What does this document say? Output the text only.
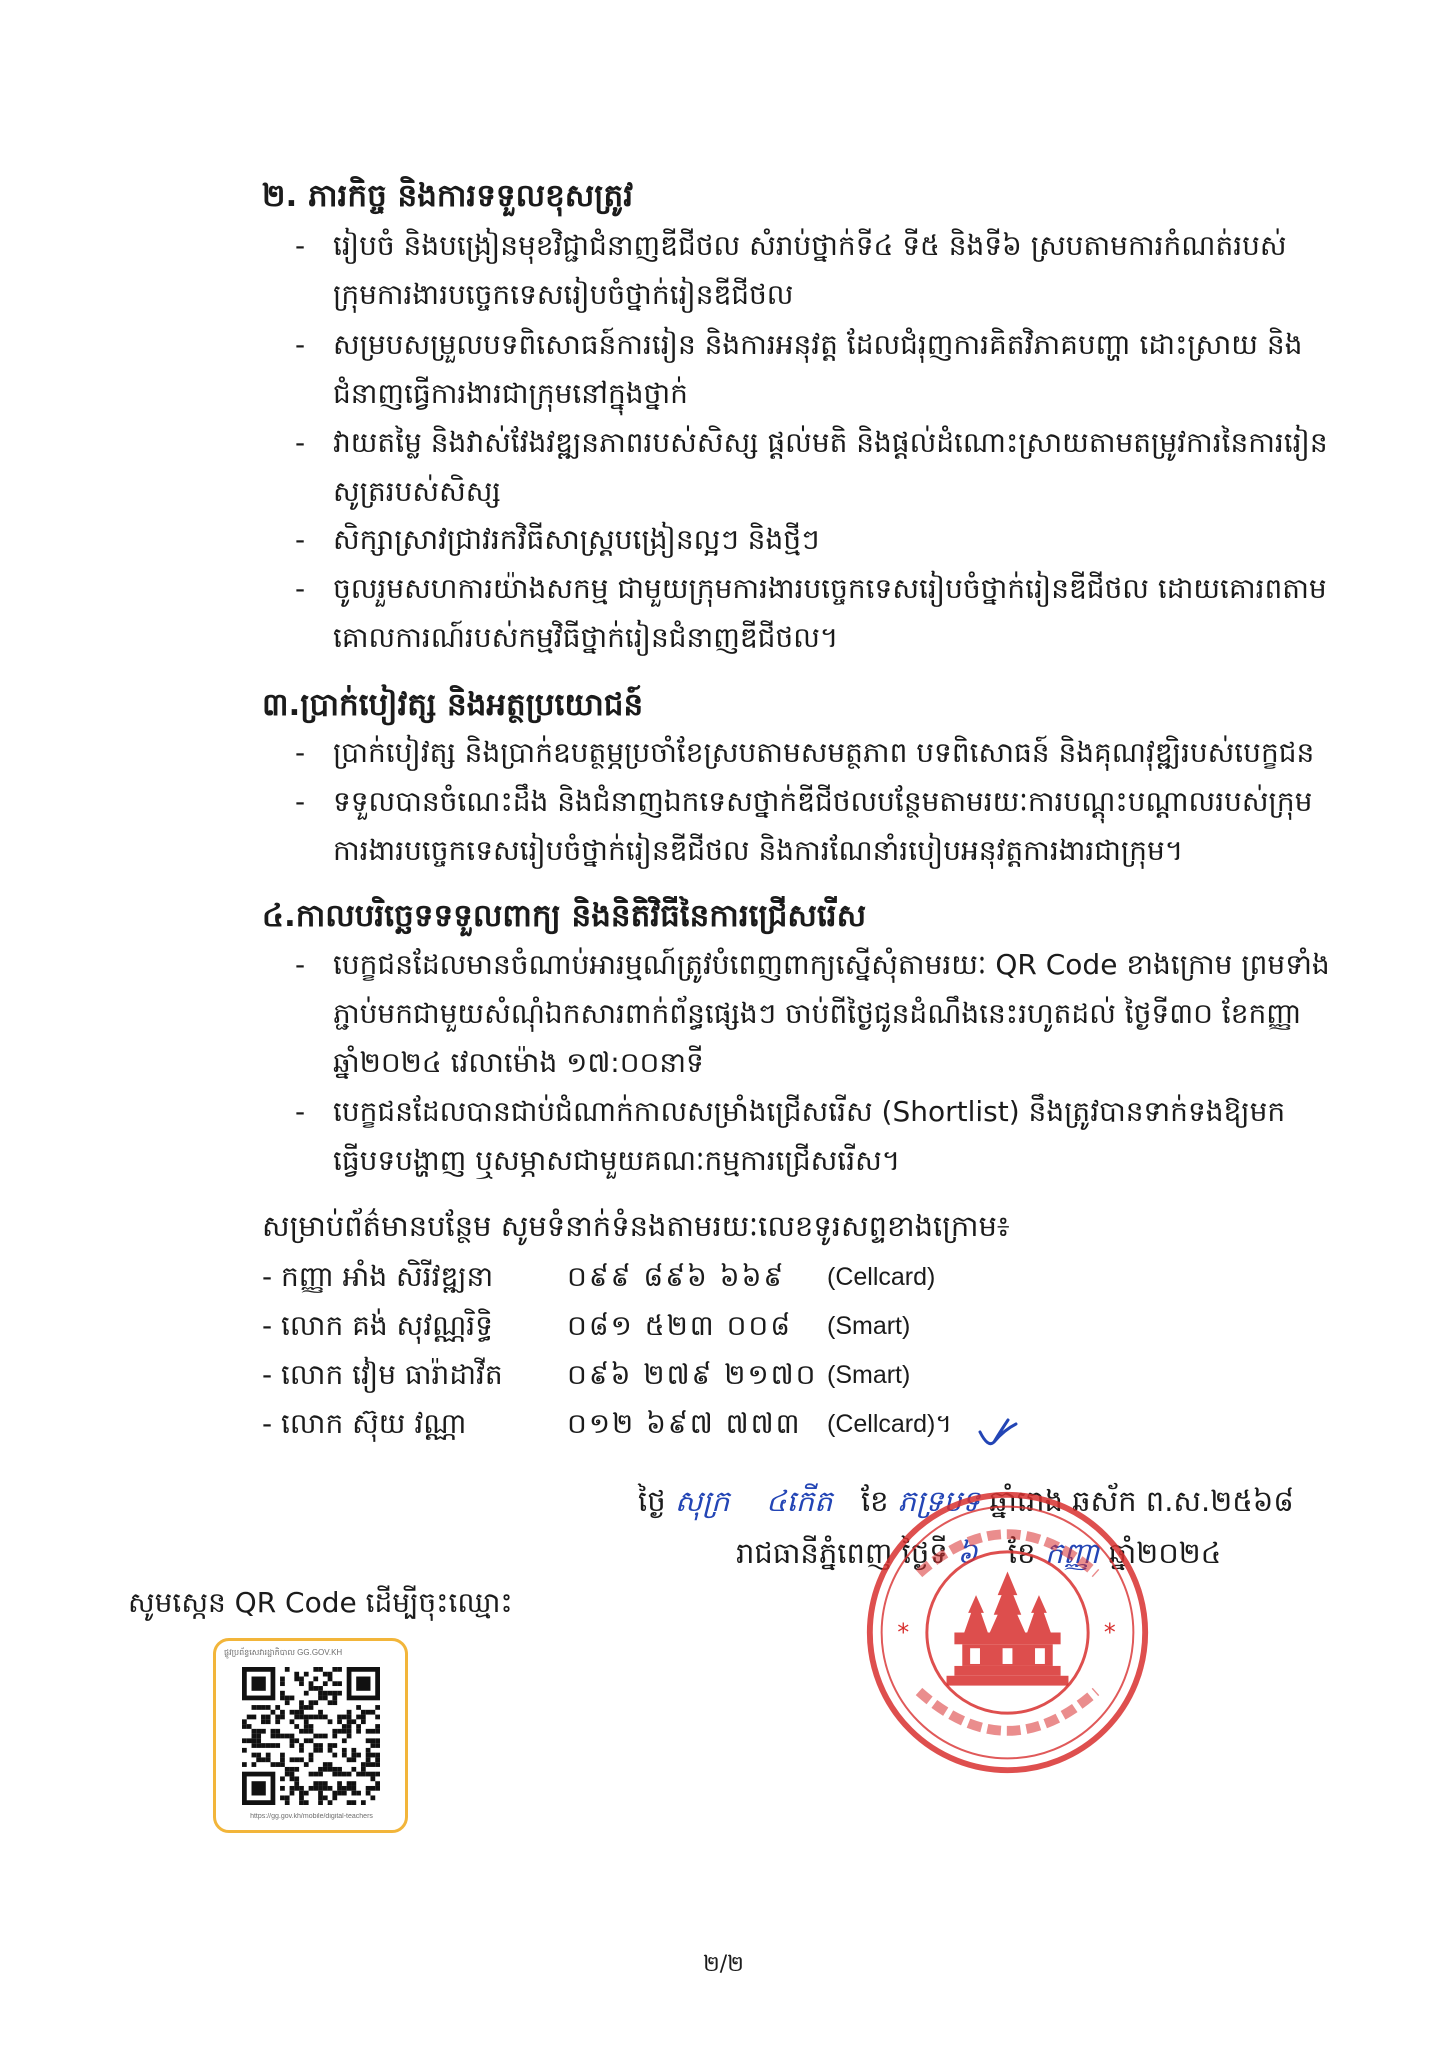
២. ភារកិច្ច និងការទទួលខុសត្រូវ
- រៀបចំ និងបង្រៀនមុខវិជ្ជាជំនាញឌីជីថល សំរាប់ថ្នាក់ទី៤ ទី៥ និងទី៦ ស្របតាមការកំណត់របស់ក្រុមការងារបច្ចេកទេសរៀបចំថ្នាក់រៀនឌីជីថល
- សម្របសម្រួលបទពិសោធន៍ការរៀន និងការអនុវត្ត ដែលជំរុញការគិតវិភាគបញ្ហា ដោះស្រាយ និងជំនាញធ្វើការងារជាក្រុមនៅក្នុងថ្នាក់
- វាយតម្លៃ និងវាស់វែងវឌ្ឍនភាពរបស់សិស្ស ផ្តល់មតិ និងផ្តល់ដំណោះស្រាយតាមតម្រូវការនៃការរៀនសូត្ររបស់សិស្ស
- សិក្សាស្រាវជ្រាវរកវិធីសាស្ត្របង្រៀនល្អៗ និងថ្មីៗ
- ចូលរួមសហការយ៉ាងសកម្ម ជាមួយក្រុមការងារបច្ចេកទេសរៀបចំថ្នាក់រៀនឌីជីថល ដោយគោរពតាមគោលការណ៍របស់កម្មវិធីថ្នាក់រៀនជំនាញឌីជីថល។
៣.ប្រាក់បៀវត្ស និងអត្ថប្រយោជន៍
- ប្រាក់បៀវត្ស និងប្រាក់ឧបត្ថម្ភប្រចាំខែស្របតាមសមត្ថភាព បទពិសោធន៍ និងគុណវុឌ្ឍិរបស់បេក្ខជន
- ទទួលបានចំណេះដឹង និងជំនាញឯកទេសថ្នាក់ឌីជីថលបន្ថែមតាមរយៈការបណ្តុះបណ្តាលរបស់ក្រុមការងារបច្ចេកទេសរៀបចំថ្នាក់រៀនឌីជីថល និងការណែនាំរបៀបអនុវត្តការងារជាក្រុម។
៤.កាលបរិច្ឆេទទទួលពាក្យ និងនិតិវិធីនៃការជ្រើសរើស
- បេក្ខជនដែលមានចំណាប់អារម្មណ៍ត្រូវបំពេញពាក្យស្នើសុំតាមរយៈ QR Code ខាងក្រោម ព្រមទាំងភ្ជាប់មកជាមួយសំណុំឯកសារពាក់ព័ន្ធផ្សេងៗ ចាប់ពីថ្ងៃជូនដំណឹងនេះរហូតដល់ ថ្ងៃទី៣០ ខែកញ្ញា ឆ្នាំ២០២៤ វេលាម៉ោង ១៧:០០នាទី
- បេក្ខជនដែលបានជាប់ជំណាក់កាលសម្រាំងជ្រើសរើស (Shortlist) នឹងត្រូវបានទាក់ទងឱ្យមកធ្វើបទបង្ហាញ ឬសម្ភាសជាមួយគណៈកម្មការជ្រើសរើស។
សម្រាប់ព័ត៌មានបន្ថែម សូមទំនាក់ទំនងតាមរយៈលេខទូរសព្ទខាងក្រោម៖
- កញ្ញា អាំង សិរីវឌ្ឍនា	០៩៩ ៨៩៦ ៦៦៩ (Cellcard)
- លោក គង់ សុវណ្ណរិទ្ធិ	០៨១ ៥២៣ ០០៨ (Smart)
- លោក វៀម ធារ៉ាដាវីត ០៩៦ ២៧៩ ២១៧០ (Smart)
- លោក ស៊ុយ វណ្ណា	០១២ ៦៩៧ ៧៧៣ (Cellcard)។
ថ្ងៃ សុក្រ ៤កើត ខែ ភទ្របទ ឆ្នាំរោង ឆស័ក ព.ស.២៥៦៨
រាជធានីភ្នំពេញ ថ្ងៃទី ៦ ខែ កញ្ញា ឆ្នាំ២០២៤
*	*
សូមស្កេន QR Code ដើម្បីចុះឈ្មោះ
ផ្លូវប្រព័ន្ធសេវារដ្ឋាភិបាល GG.GOV.KH
https://gg.gov.kh/mobile/digital-teachers
២/២
